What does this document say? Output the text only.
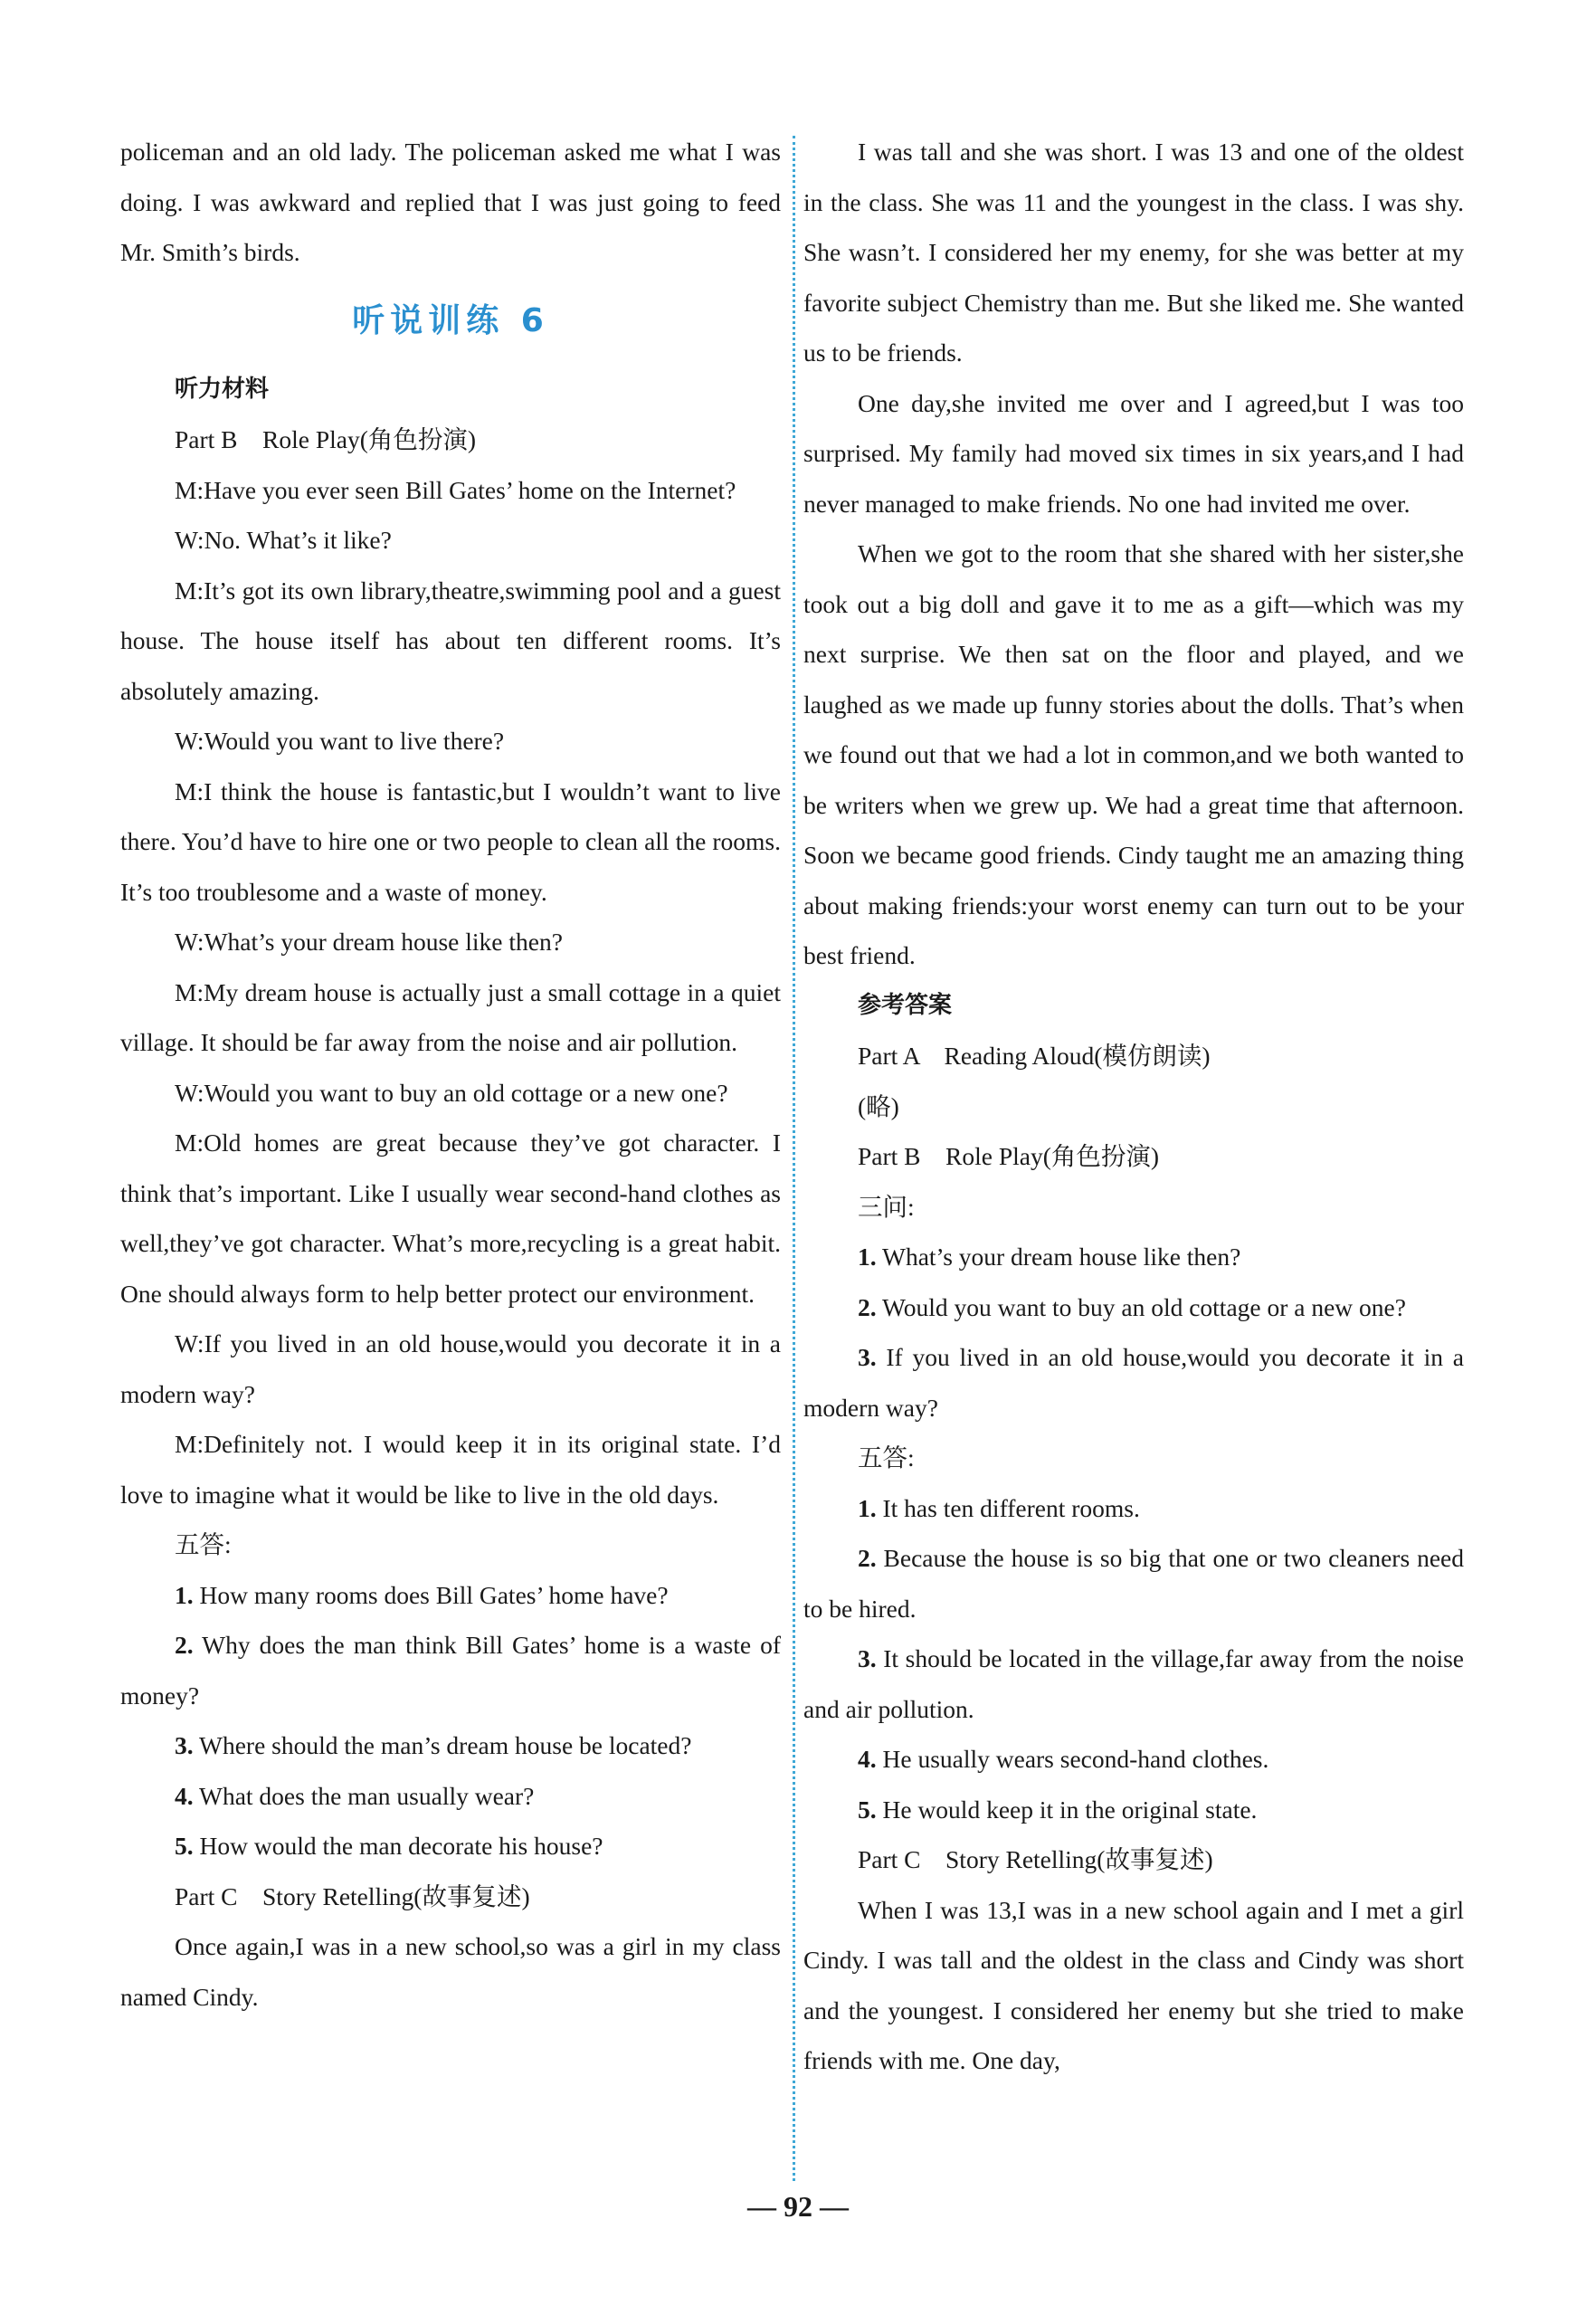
policeman and an old lady. The policeman asked me what I was doing. I was awkward and replied that I was just going to feed Mr. Smith’s birds.

听说训练 6

听力材料

Part B　Role Play(角色扮演)

M:Have you ever seen Bill Gates’ home on the Internet?

W:No. What’s it like?

M:It’s got its own library,theatre,swimming pool and a guest house. The house itself has about ten different rooms. It’s absolutely amazing.

W:Would you want to live there?

M:I think the house is fantastic,but I wouldn’t want to live there. You’d have to hire one or two people to clean all the rooms. It’s too troublesome and a waste of money.

W:What’s your dream house like then?

M:My dream house is actually just a small cottage in a quiet village. It should be far away from the noise and air pollution.

W:Would you want to buy an old cottage or a new one?

M:Old homes are great because they’ve got character. I think that’s important. Like I usually wear second-hand clothes as well,they’ve got character. What’s more,recycling is a great habit. One should always form to help better protect our environment.

W:If you lived in an old house,would you decorate it in a modern way?

M:Definitely not. I would keep it in its original state. I’d love to imagine what it would be like to live in the old days.

五答:

1. How many rooms does Bill Gates’ home have?

2. Why does the man think Bill Gates’ home is a waste of money?

3. Where should the man’s dream house be located?

4. What does the man usually wear?

5. How would the man decorate his house?

Part C　Story Retelling(故事复述)

Once again,I was in a new school,so was a girl in my class named Cindy.

I was tall and she was short. I was 13 and one of the oldest in the class. She was 11 and the youngest in the class. I was shy. She wasn’t. I considered her my enemy, for she was better at my favorite subject Chemistry than me. But she liked me. She wanted us to be friends.

One day,she invited me over and I agreed,but I was too surprised. My family had moved six times in six years,and I had never managed to make friends. No one had invited me over.

When we got to the room that she shared with her sister,she took out a big doll and gave it to me as a gift—which was my next surprise. We then sat on the floor and played, and we laughed as we made up funny stories about the dolls. That’s when we found out that we had a lot in common,and we both wanted to be writers when we grew up. We had a great time that afternoon. Soon we became good friends. Cindy taught me an amazing thing about making friends:your worst enemy can turn out to be your best friend.

参考答案

Part A　Reading Aloud(模仿朗读)

(略)

Part B　Role Play(角色扮演)

三问:

1. What’s your dream house like then?

2. Would you want to buy an old cottage or a new one?

3. If you lived in an old house,would you decorate it in a modern way?

五答:

1. It has ten different rooms.

2. Because the house is so big that one or two cleaners need to be hired.

3. It should be located in the village,far away from the noise and air pollution.

4. He usually wears second-hand clothes.

5. He would keep it in the original state.

Part C　Story Retelling(故事复述)

When I was 13,I was in a new school again and I met a girl Cindy. I was tall and the oldest in the class and Cindy was short and the youngest. I considered her enemy but she tried to make friends with me. One day,

— 92 —
